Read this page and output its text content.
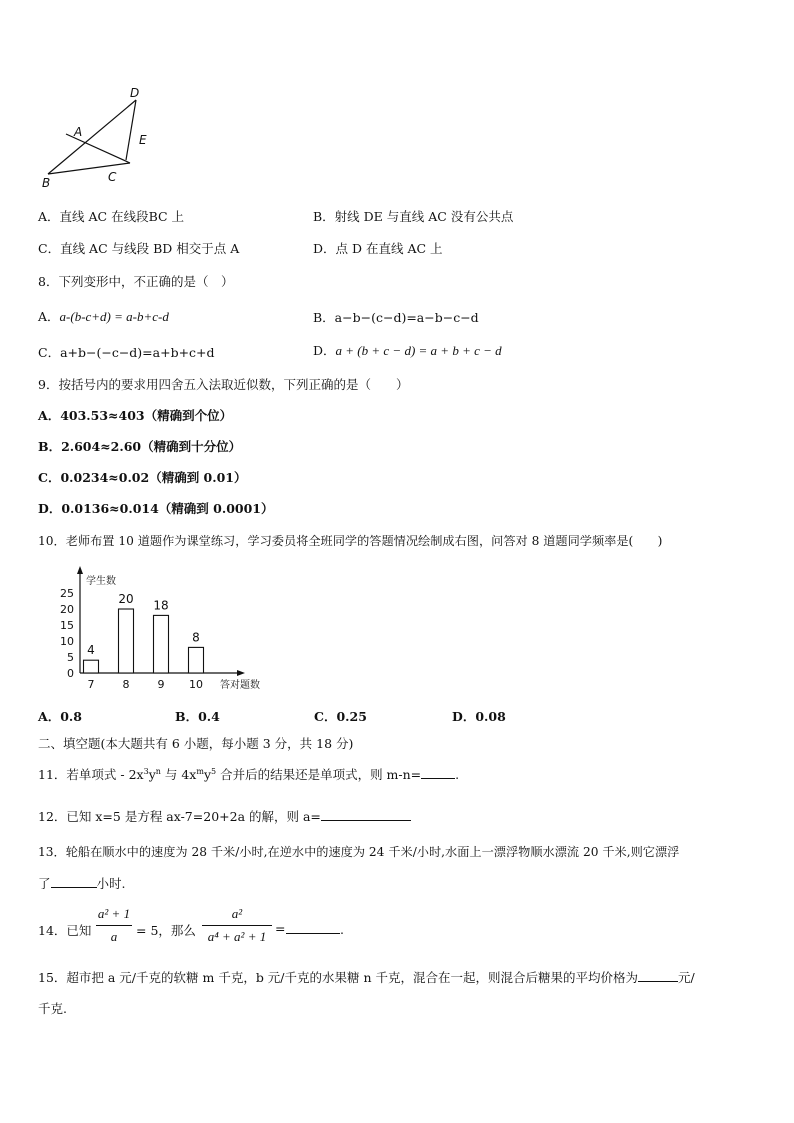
D
A
E
B	C
A．直线 AC 在线段BC 上	B．射线 DE 与直线 AC 没有公共点
C．直线 AC 与线段 BD 相交于点 A	D．点 D 在直线 AC 上
8．下列变形中，不正确的是（　）
A．a-(b-c+d) = a-b+c-d	B．a−b−(c−d)=a−b−c−d
C．a+b−(−c−d)=a+b+c+d	D．a + (b + c − d) = a + b + c − d
9．按括号内的要求用四舍五入法取近似数，下列正确的是（　　）
A．403.53≈403（精确到个位）
B．2.604≈2.60（精确到十分位）
C．0.0234≈0.02（精确到 0.01）
D．0.0136≈0.014（精确到 0.0001）
10．老师布置 10 道题作为课堂练习，学习委员将全班同学的答题情况绘制成右图，问答对 8 道题同学频率是(　　)
学生数
0
5
10
15
20
25
4
7
20
8
18
9
8
10 答对题数
A．0.8	B．0.4	C．0.25	D．0.08
二、填空题(本大题共有 6 小题，每小题 3 分，共 18 分)
11．若单项式 - $2x^3y^n$ 与 $4x^my^5$ 合并后的结果还是单项式，则 m-n=	.
12．已知 x=5 是方程 ax-7=20+2a 的解，则 a=
13．轮船在顺水中的速度为 28 千米/小时,在逆水中的速度为 24 千米/小时,水面上一漂浮物顺水漂流 20 千米,则它漂浮
了	小时.
14．已知
a² + 1
a	= 5，那么
a²
a⁴ + a² + 1
=	.
15．超市把 a 元/千克的软糖 m 千克，b 元/千克的水果糖 n 千克，混合在一起，则混合后糖果的平均价格为	元/
千克.
